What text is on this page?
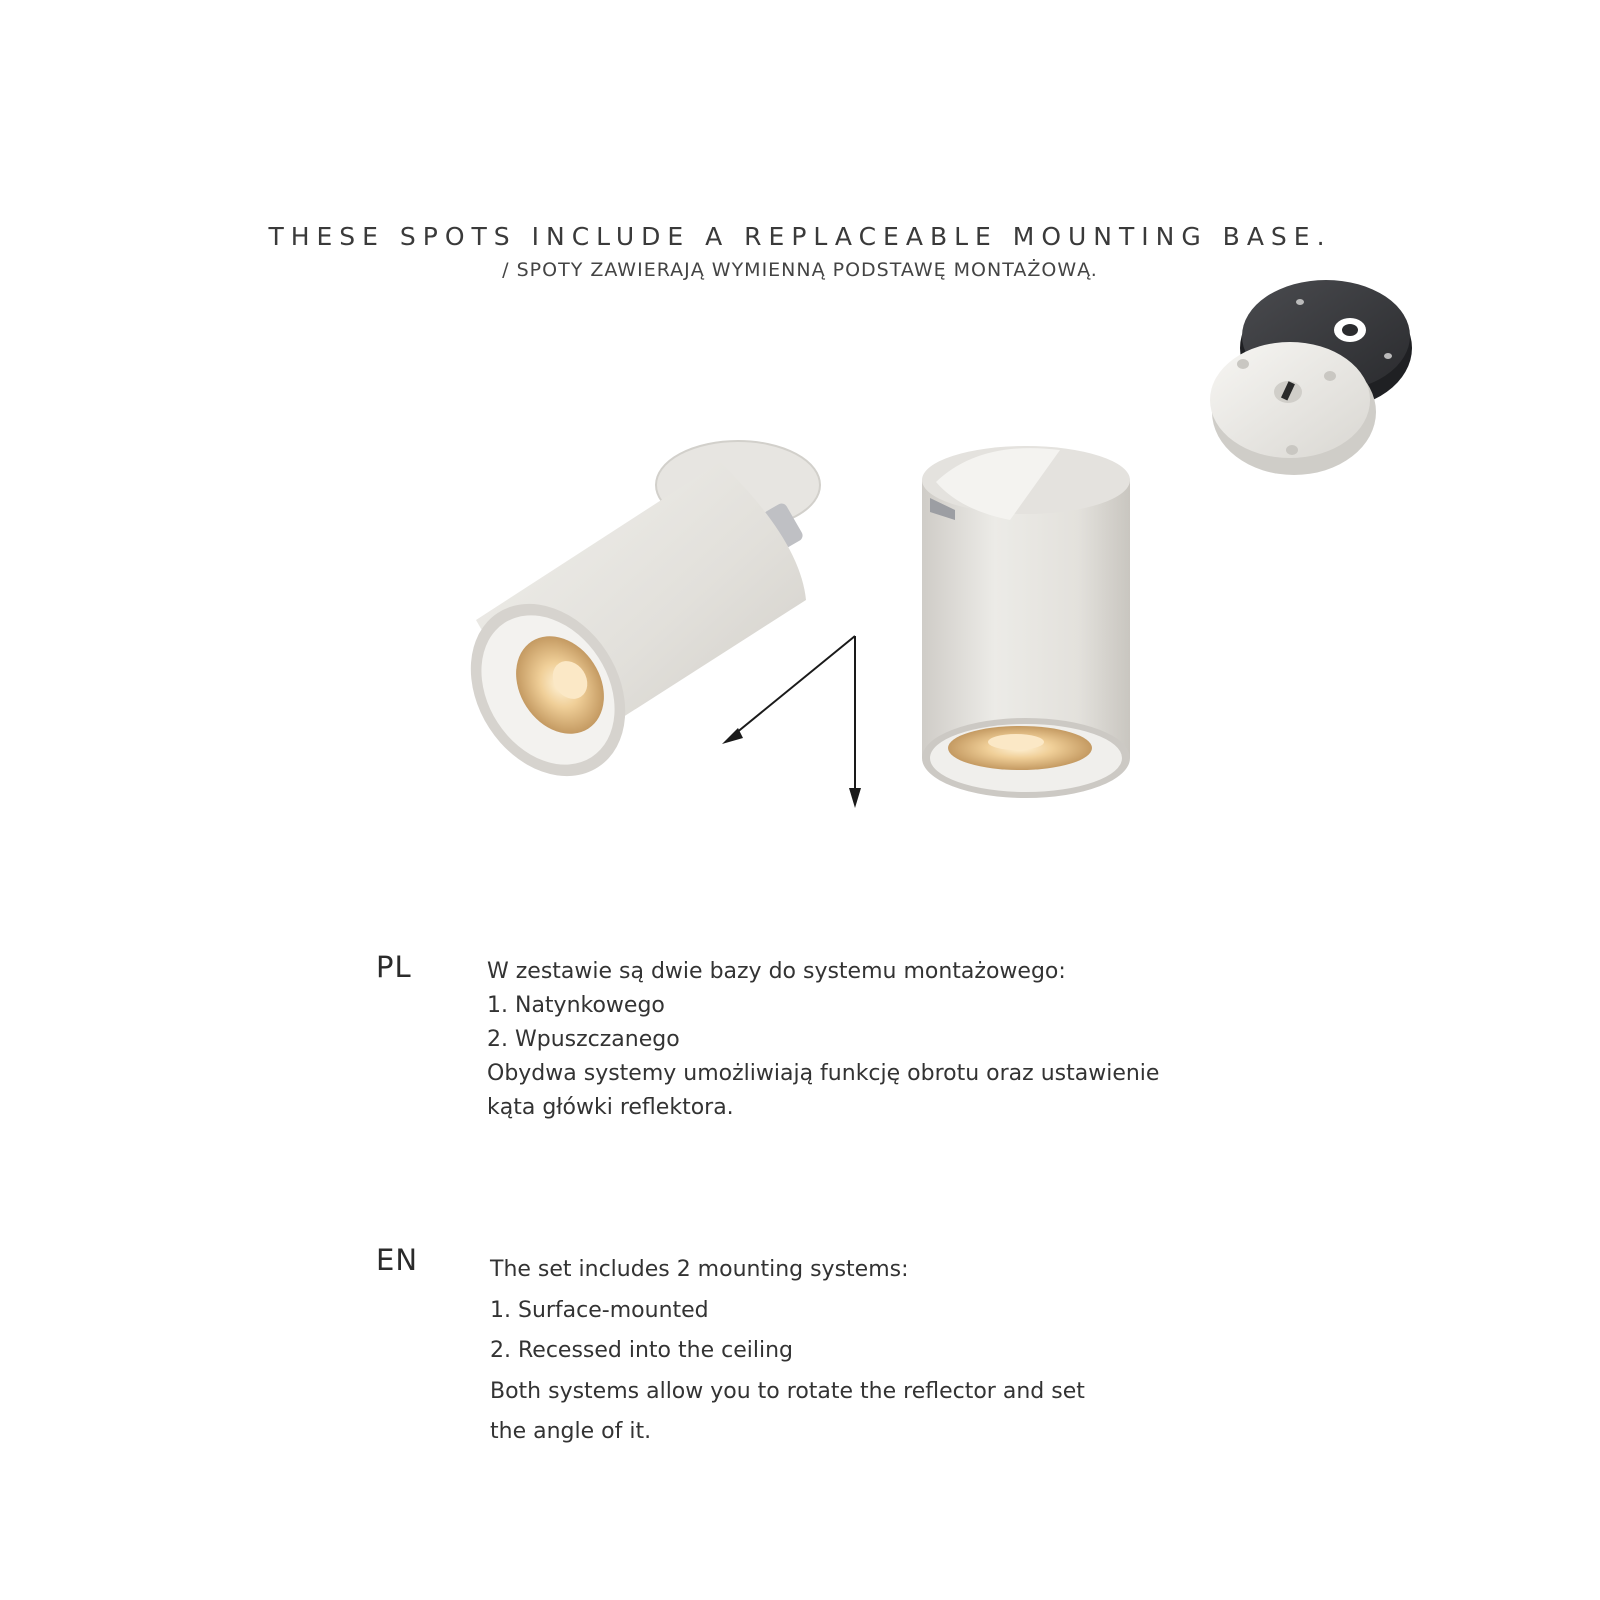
THESE SPOTS INCLUDE A REPLACEABLE MOUNTING BASE.
/ SPOTY ZAWIERAJĄ WYMIENNĄ PODSTAWĘ MONTAŻOWĄ.
PL	W zestawie są dwie bazy do systemu montażowego:
1. Natynkowego
2. Wpuszczanego
Obydwa systemy umożliwiają funkcję obrotu oraz ustawienie
kąta główki reflektora.
EN	The set includes 2 mounting systems:
1. Surface-mounted
2. Recessed into the ceiling
Both systems allow you to rotate the reflector and set
the angle of it.
